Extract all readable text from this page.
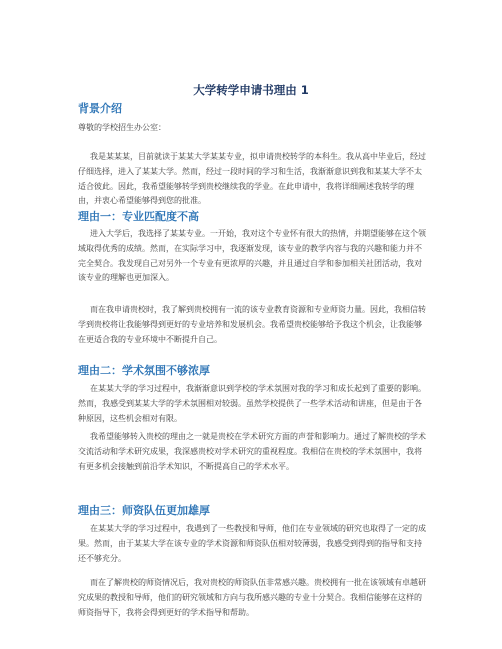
大学转学申请书理由 1
背景介绍

尊敬的学校招生办公室：

我是某某某，目前就读于某某大学某某专业，拟申请贵校转学的本科生。我从高中毕业后，经过仔细选择，进入了某某大学。然而，经过一段时间的学习和生活，我渐渐意识到我和某某大学不太适合彼此。因此，我希望能够转学到贵校继续我的学业。在此申请中，我将详细阐述我转学的理由，并衷心希望能够得到您的批准。

理由一：专业匹配度不高

进入大学后，我选择了某某专业。一开始，我对这个专业怀有很大的热情，并期望能够在这个领域取得优秀的成绩。然而，在实际学习中，我逐渐发现，该专业的教学内容与我的兴趣和能力并不完全契合。我发现自己对另外一个专业有更浓厚的兴趣，并且通过自学和参加相关社团活动，我对该专业的理解也更加深入。

而在我申请贵校时，我了解到贵校拥有一流的该专业教育资源和专业师资力量。因此，我相信转学到贵校将让我能够得到更好的专业培养和发展机会。我希望贵校能够给予我这个机会，让我能够在更适合我的专业环境中不断提升自己。

理由二：学术氛围不够浓厚

在某某大学的学习过程中，我渐渐意识到学校的学术氛围对我的学习和成长起到了重要的影响。然而，我感受到某某大学的学术氛围相对较弱。虽然学校提供了一些学术活动和讲座，但是由于各种原因，这些机会相对有限。

我希望能够转入贵校的理由之一就是贵校在学术研究方面的声誉和影响力。通过了解贵校的学术交流活动和学术研究成果，我深感贵校对学术研究的重视程度。我相信在贵校的学术氛围中，我将有更多机会接触到前沿学术知识，不断提高自己的学术水平。

理由三：师资队伍更加雄厚

在某某大学的学习过程中，我遇到了一些教授和导师，他们在专业领域的研究也取得了一定的成果。然而，由于某某大学在该专业的学术资源和师资队伍相对较薄弱，我感受到得到的指导和支持还不够充分。

而在了解贵校的师资情况后，我对贵校的师资队伍非常感兴趣。贵校拥有一批在该领域有卓越研究成果的教授和导师，他们的研究领域和方向与我所感兴趣的专业十分契合。我相信能够在这样的师资指导下，我将会得到更好的学术指导和帮助。
